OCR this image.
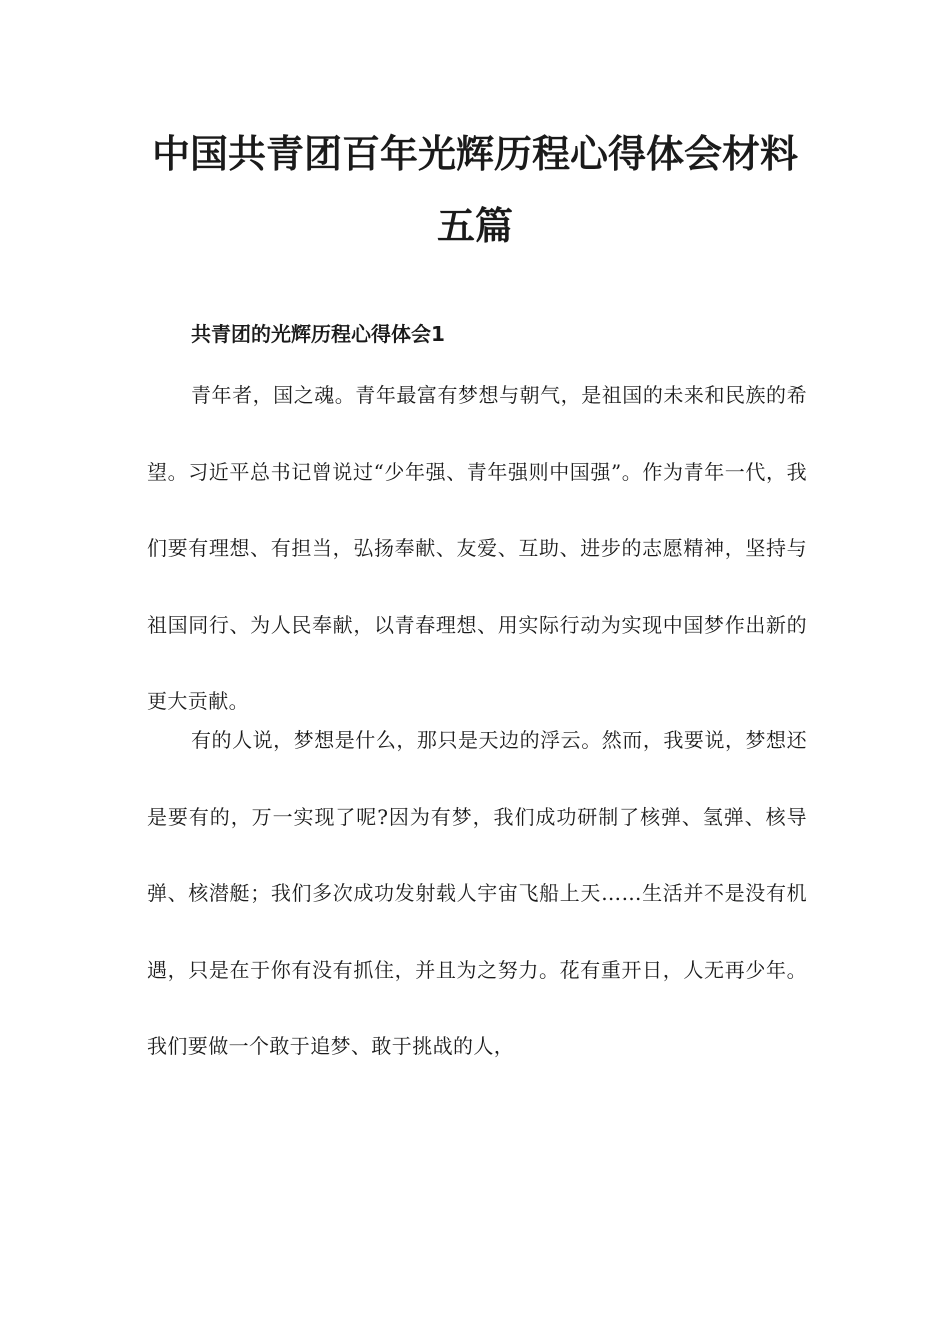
中国共青团百年光辉历程心得体会材料五篇
共青团的光辉历程心得体会1

青年者，国之魂。青年最富有梦想与朝气，是祖国的未来和民族的希望。习近平总书记曾说过“少年强、青年强则中国强”。作为青年一代，我们要有理想、有担当，弘扬奉献、友爱、互助、进步的志愿精神，坚持与祖国同行、为人民奉献，以青春理想、用实际行动为实现中国梦作出新的更大贡献。

有的人说，梦想是什么，那只是天边的浮云。然而，我要说，梦想还是要有的，万一实现了呢?因为有梦，我们成功研制了核弹、氢弹、核导弹、核潜艇；我们多次成功发射载人宇宙飞船上天……生活并不是没有机遇，只是在于你有没有抓住，并且为之努力。花有重开日，人无再少年。我们要做一个敢于追梦、敢于挑战的人，
